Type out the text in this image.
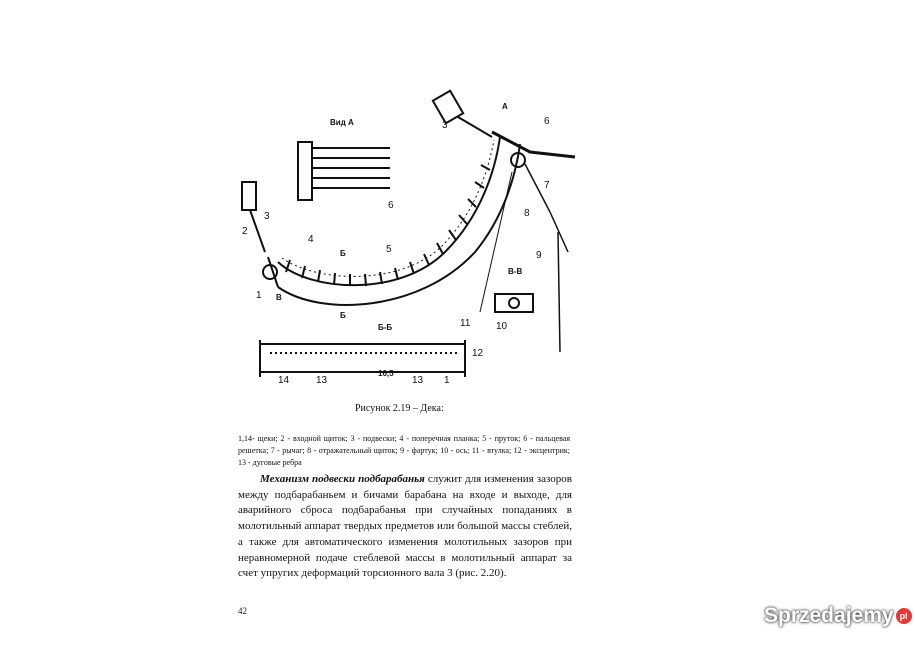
Вид А
Б-Б
В-В
А
Б
Б
В
16,5
1
2
3
3
4
5
6
6
7
8
9
10
11
12
13	13
14	1
Рисунок 2.19 – Дека:
1,14- щеки; 2 - входной щиток; 3 - подвески; 4 - поперечная планка; 5 - пруток; 6 - пальцевая решетка; 7 - рычаг; 8 - отражательный щиток; 9 - фартук; 10 - ось; 11 - втулка; 12 - эксцентрик; 13 - дуговые ребра
Механизм подвески подбарабанья служит для изменения зазоров между подбарабаньем и бичами барабана на входе и выходе, для аварийного сброса подбарабанья при случайных попаданиях в молотильный аппарат твердых предметов или большой массы стеблей, а также для автоматического изменения молотильных зазоров при неравномерной подаче стеблевой массы в молотильный аппарат за счет упругих деформаций торсионного вала 3 (рис. 2.20).
42	Sprzedajemy pl
